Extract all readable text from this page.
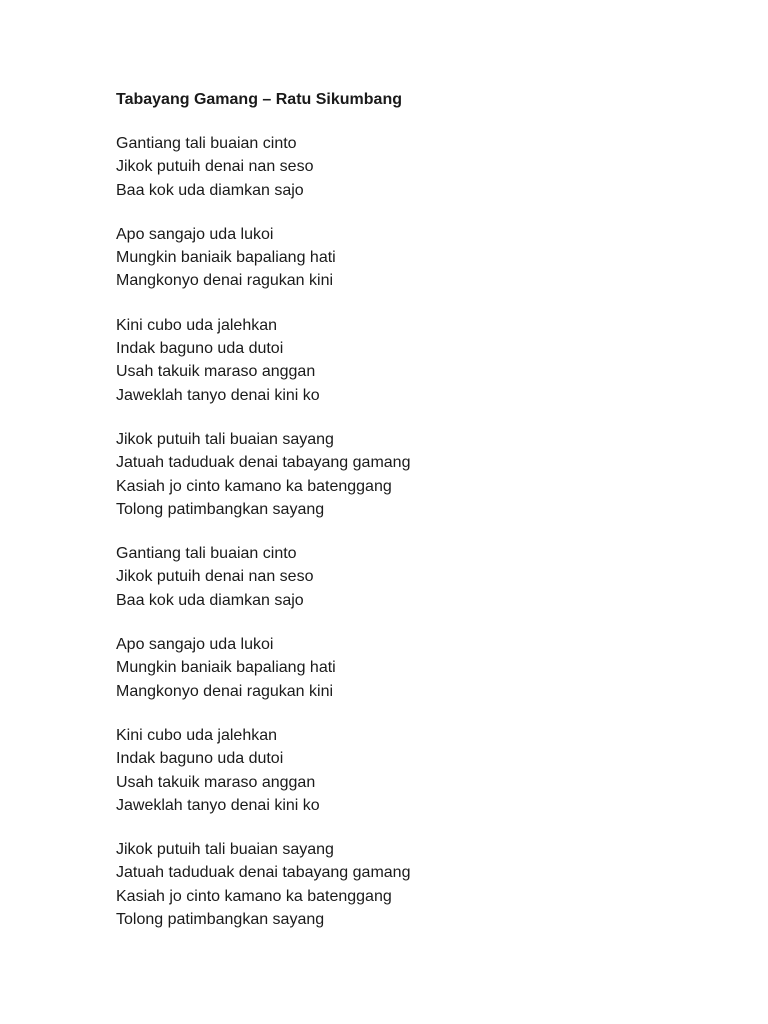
Tabayang Gamang – Ratu Sikumbang
Gantiang tali buaian cinto
Jikok putuih denai nan seso
Baa kok uda diamkan sajo
Apo sangajo uda lukoi
Mungkin baniaik bapaliang hati
Mangkonyo denai ragukan kini
Kini cubo uda jalehkan
Indak baguno uda dutoi
Usah takuik maraso anggan
Jaweklah tanyo denai kini ko
Jikok putuih tali buaian sayang
Jatuah taduduak denai tabayang gamang
Kasiah jo cinto kamano ka batenggang
Tolong patimbangkan sayang
Gantiang tali buaian cinto
Jikok putuih denai nan seso
Baa kok uda diamkan sajo
Apo sangajo uda lukoi
Mungkin baniaik bapaliang hati
Mangkonyo denai ragukan kini
Kini cubo uda jalehkan
Indak baguno uda dutoi
Usah takuik maraso anggan
Jaweklah tanyo denai kini ko
Jikok putuih tali buaian sayang
Jatuah taduduak denai tabayang gamang
Kasiah jo cinto kamano ka batenggang
Tolong patimbangkan sayang
